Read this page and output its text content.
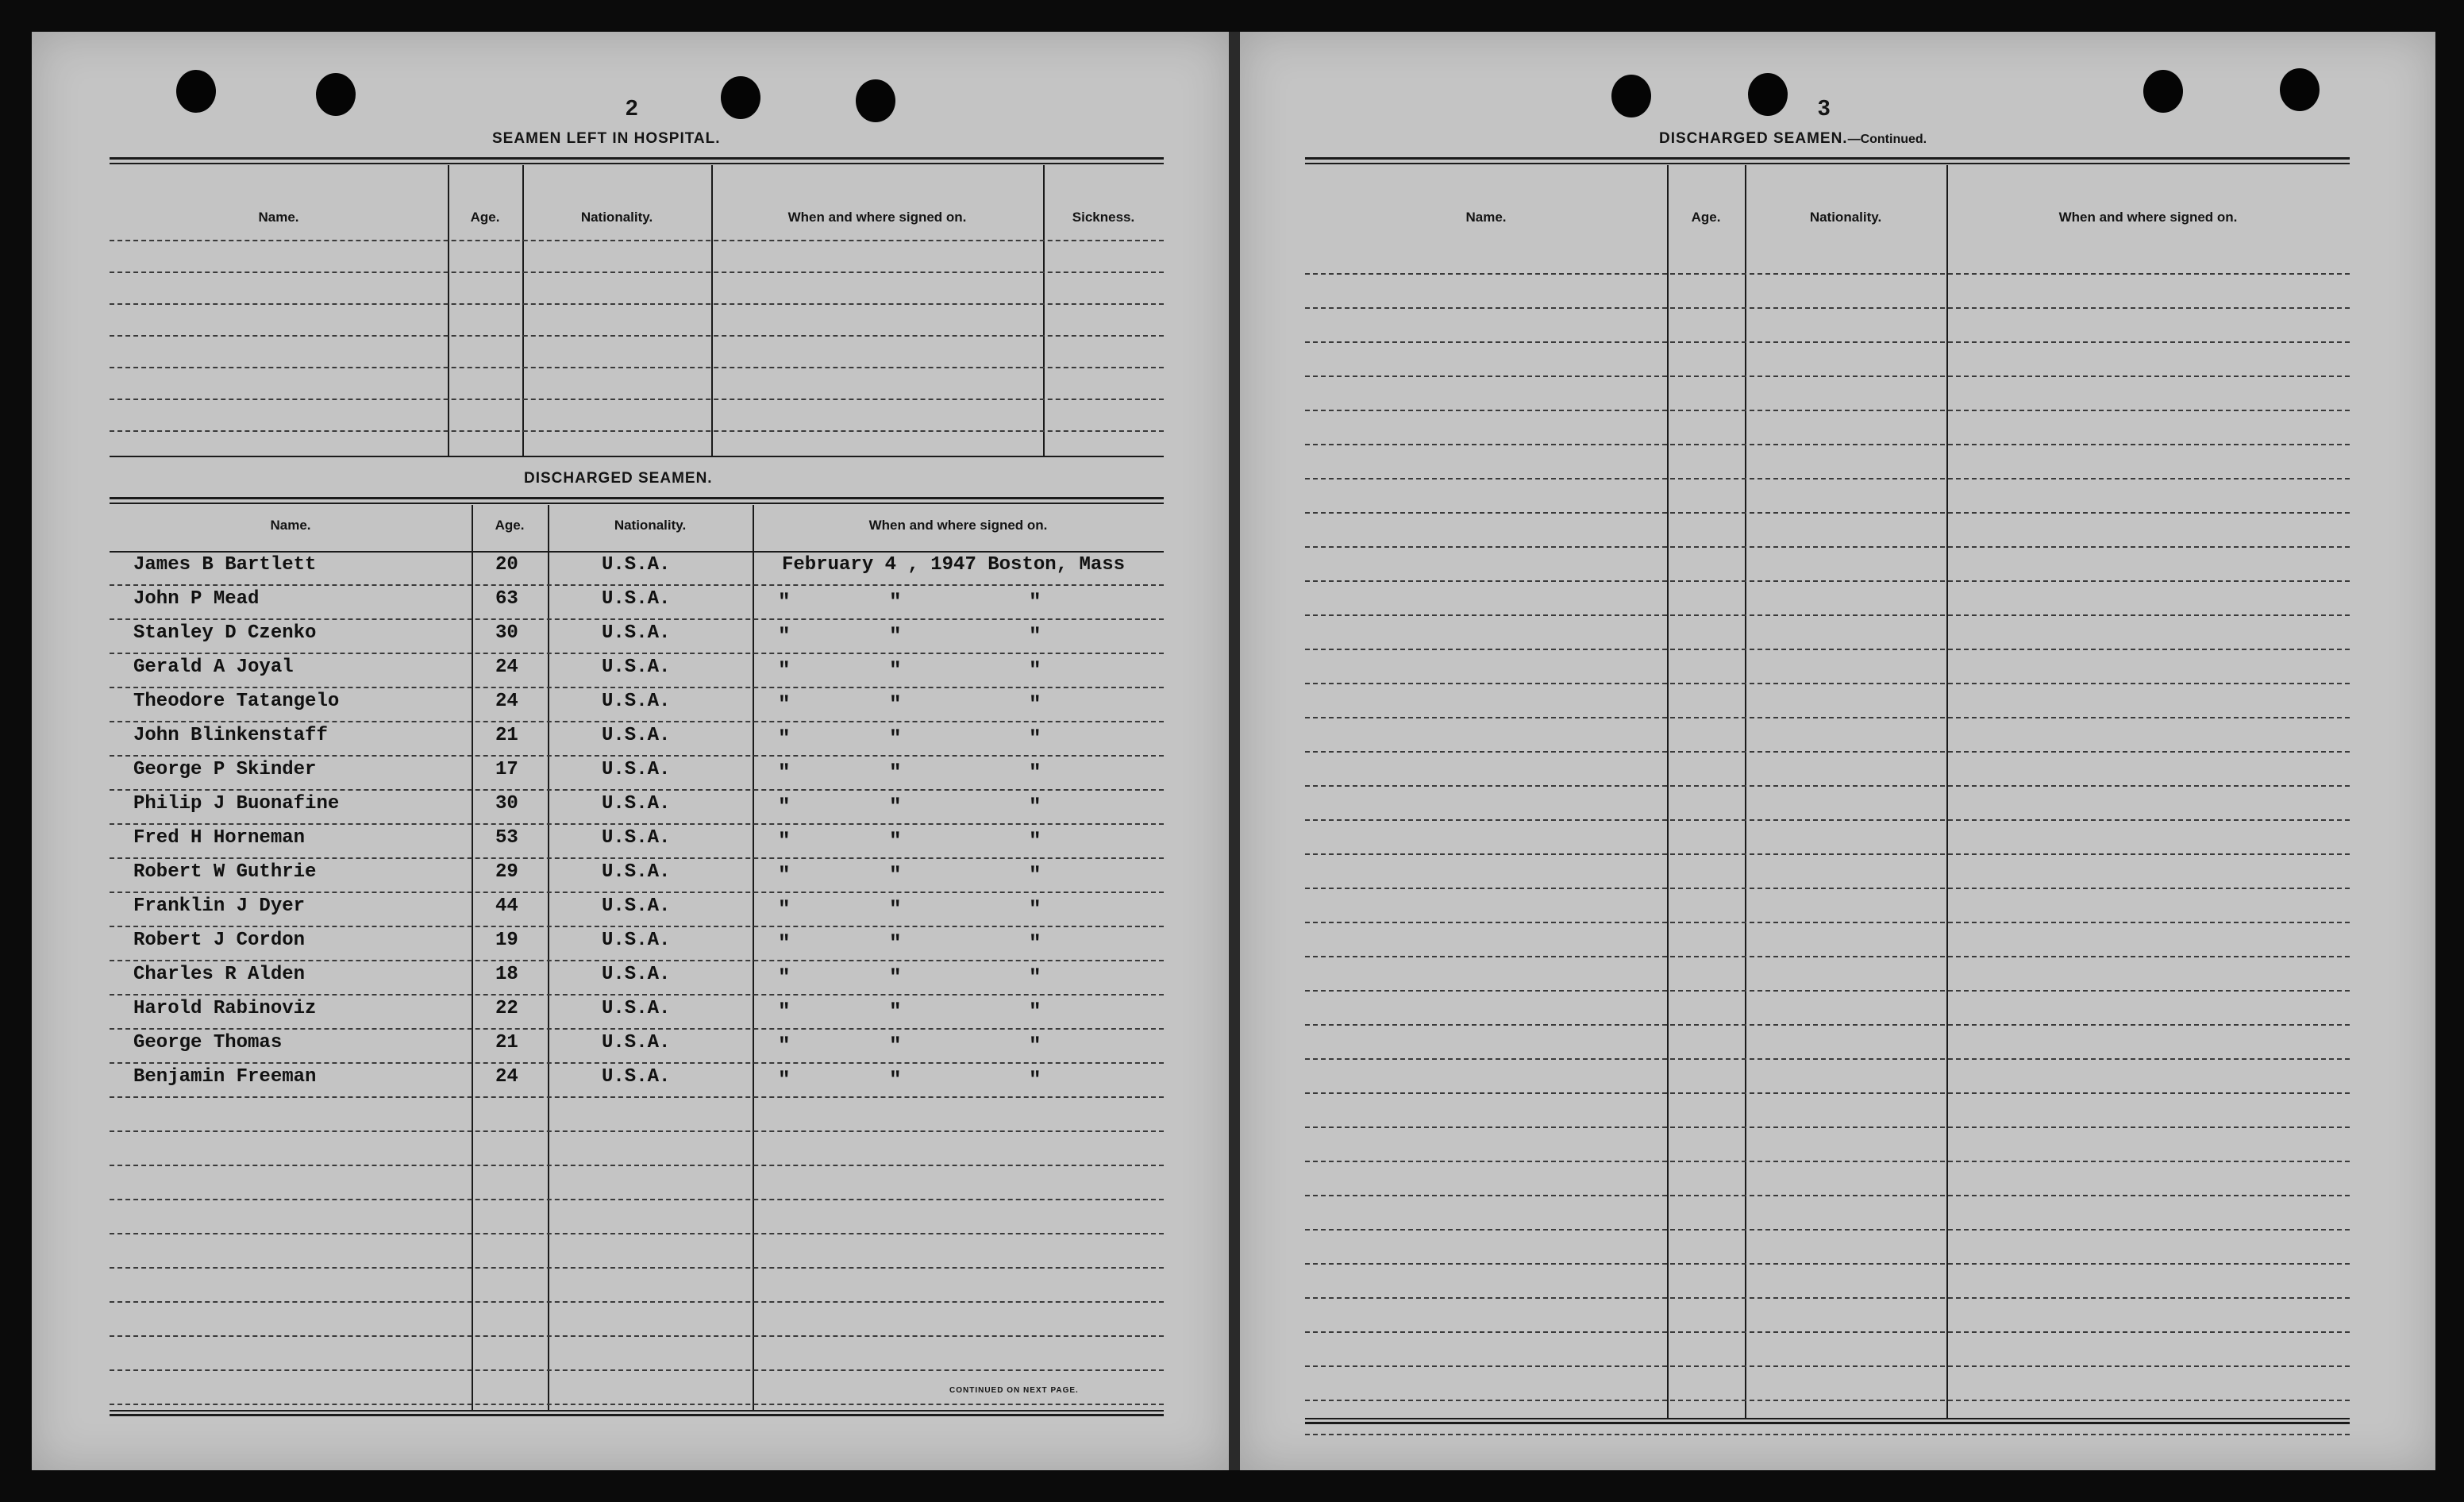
2
SEAMEN LEFT IN HOSPITAL.
Name.	Age.	Nationality.	When and where signed on.	Sickness.
DISCHARGED SEAMEN.
Name.	Age.	Nationality.	When and where signed on.
James B Bartlett	20	U.S.A.	February 4 , 1947 Boston, Mass
John P Mead	63	U.S.A.	"	"	"
Stanley D Czenko	30	U.S.A.	"	"	"
Gerald A Joyal	24	U.S.A.	"	"	"
Theodore Tatangelo	24	U.S.A.	"	"	"
John Blinkenstaff	21	U.S.A.	"	"	"
George P Skinder	17	U.S.A.	"	"	"
Philip J Buonafine	30	U.S.A.	"	"	"
Fred H Horneman	53	U.S.A.	"	"	"
Robert W Guthrie	29	U.S.A.	"	"	"
Franklin J Dyer	44	U.S.A.	"	"	"
Robert J Cordon	19	U.S.A.	"	"	"
Charles R Alden	18	U.S.A.	"	"	"
Harold Rabinoviz	22	U.S.A.	"	"	"
George Thomas	21	U.S.A.	"	"	"
Benjamin Freeman	24	U.S.A.	"	"	"
CONTINUED ON NEXT PAGE.
3
DISCHARGED SEAMEN.—Continued.
Name.	Age.	Nationality.	When and where signed on.
